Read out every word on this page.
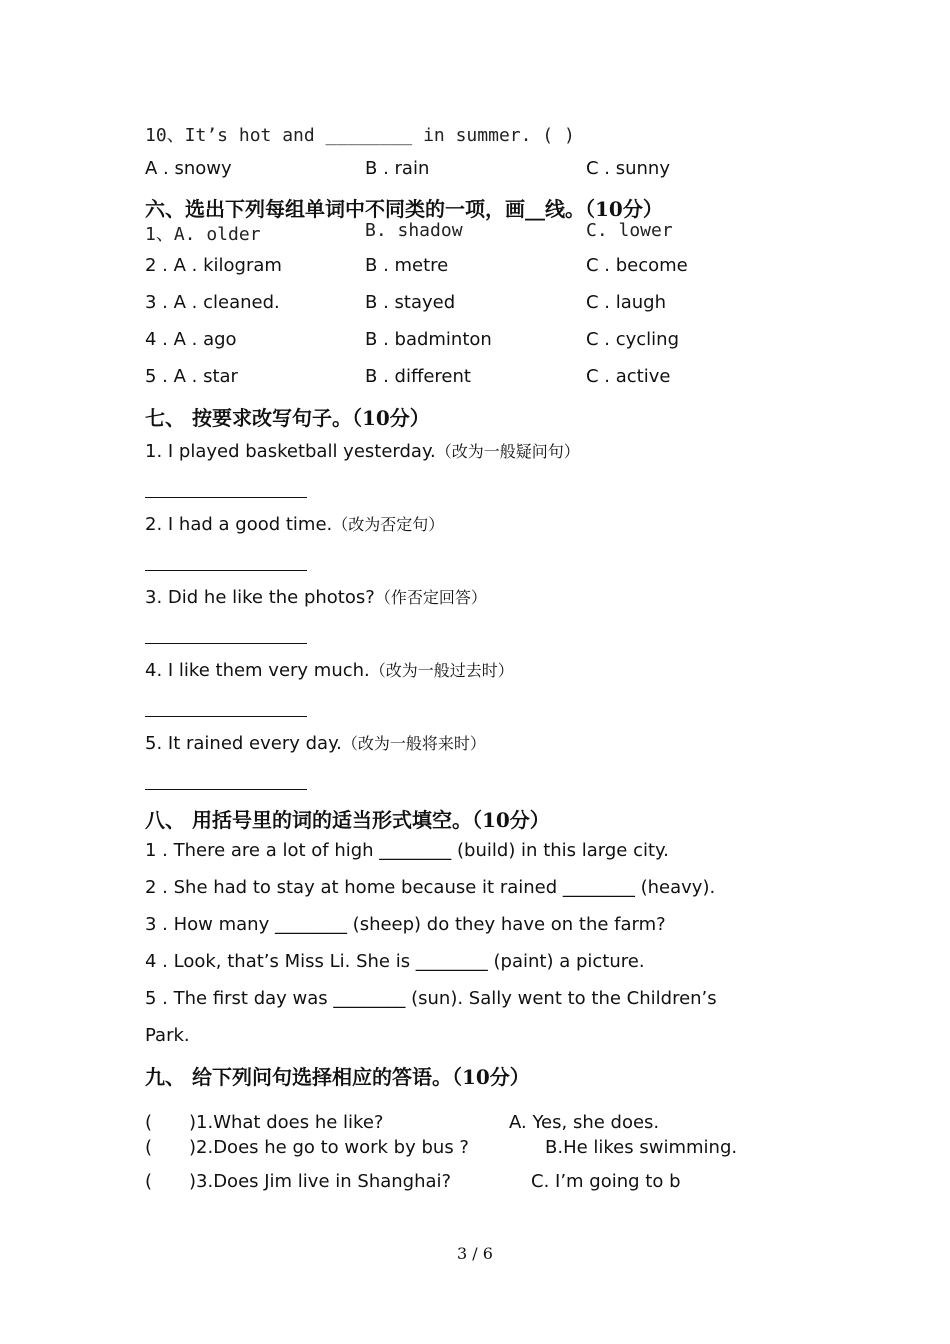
10、It’s hot and ________ in summer. ( )
A . snowy	B . rain	C . sunny
六、选出下列每组单词中不同类的一项，画__线。（10分）
1、A. older	B. shadow	C. lower
2 . A . kilogram	B . metre	C . become
3 . A . cleaned.	B . stayed	C . laugh
4 . A . ago	B . badminton	C . cycling
5 . A . star	B . different	C . active
七、 按要求改写句子。（10分）
1. I played basketball yesterday.（改为一般疑问句）
2. I had a good time.（改为否定句）
3. Did he like the photos?（作否定回答）
4. I like them very much.（改为一般过去时）
5. It rained every day.（改为一般将来时）
八、 用括号里的词的适当形式填空。（10分）
1 . There are a lot of high ________ (build) in this large city.
2 . She had to stay at home because it rained ________ (heavy).
3 . How many ________ (sheep) do they have on the farm?
4 . Look, that’s Miss Li. She is ________ (paint) a picture.
5 . The first day was ________ (sun). Sally went to the Children’s
Park.
九、 给下列问句选择相应的答语。（10分）
( )1.What does he like?	A. Yes, she does.
( )2.Does he go to work by bus ?	B.He likes swimming.
( )3.Does Jim live in Shanghai?	C. I’m going to b
3 / 6
